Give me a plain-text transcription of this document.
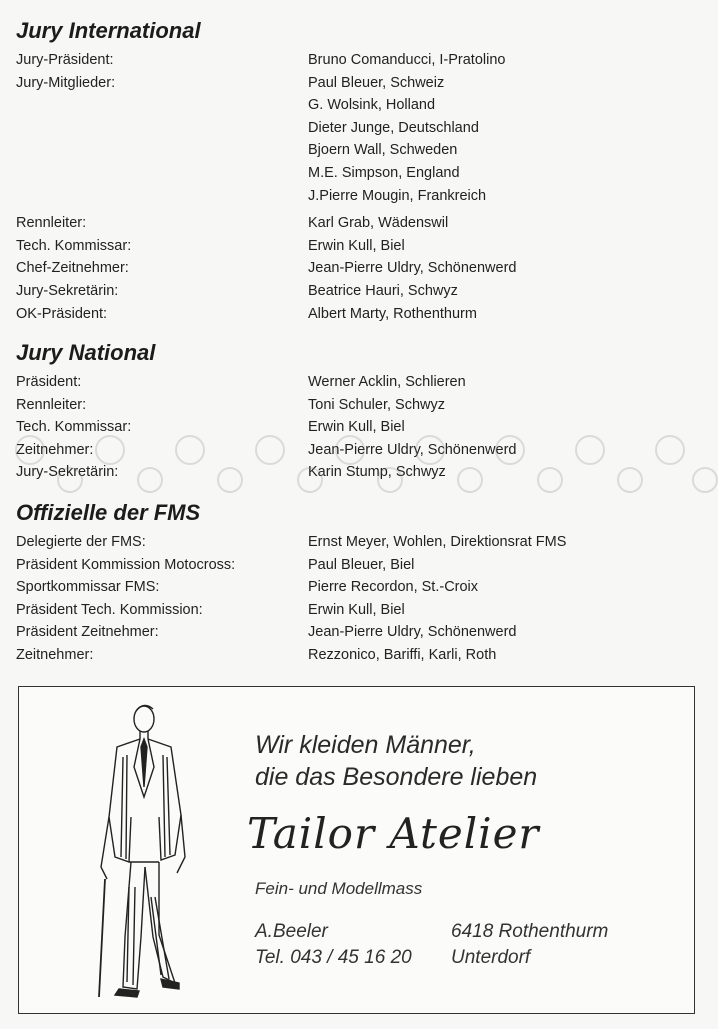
Jury International
Jury-Präsident:	Bruno Comanducci, I-Pratolino
Jury-Mitglieder:	Paul Bleuer, Schweiz
G. Wolsink, Holland
Dieter Junge, Deutschland
Bjoern Wall, Schweden
M.E. Simpson, England
J.Pierre Mougin, Frankreich
Rennleiter:	Karl Grab, Wädenswil
Tech. Kommissar:	Erwin Kull, Biel
Chef-Zeitnehmer:	Jean-Pierre Uldry, Schönenwerd
Jury-Sekretärin:	Beatrice Hauri, Schwyz
OK-Präsident:	Albert Marty, Rothenthurm
Jury National
Präsident:	Werner Acklin, Schlieren
Rennleiter:	Toni Schuler, Schwyz
Tech. Kommissar:	Erwin Kull, Biel
Zeitnehmer:	Jean-Pierre Uldry, Schönenwerd
Jury-Sekretärin:	Karin Stump, Schwyz
Offizielle der FMS
Delegierte der FMS:	Ernst Meyer, Wohlen, Direktionsrat FMS
Präsident Kommission Motocross:	Paul Bleuer, Biel
Sportkommissar FMS:	Pierre Recordon, St.-Croix
Präsident Tech. Kommission:	Erwin Kull, Biel
Präsident Zeitnehmer:	Jean-Pierre Uldry, Schönenwerd
Zeitnehmer:	Rezzonico, Bariffi, Karli, Roth
Wir kleiden Männer,
die das Besondere lieben
Tailor Atelier
Fein- und Modellmass
A.Beeler	6418 Rothenthurm
Tel. 043 / 45 16 20 Unterdorf
